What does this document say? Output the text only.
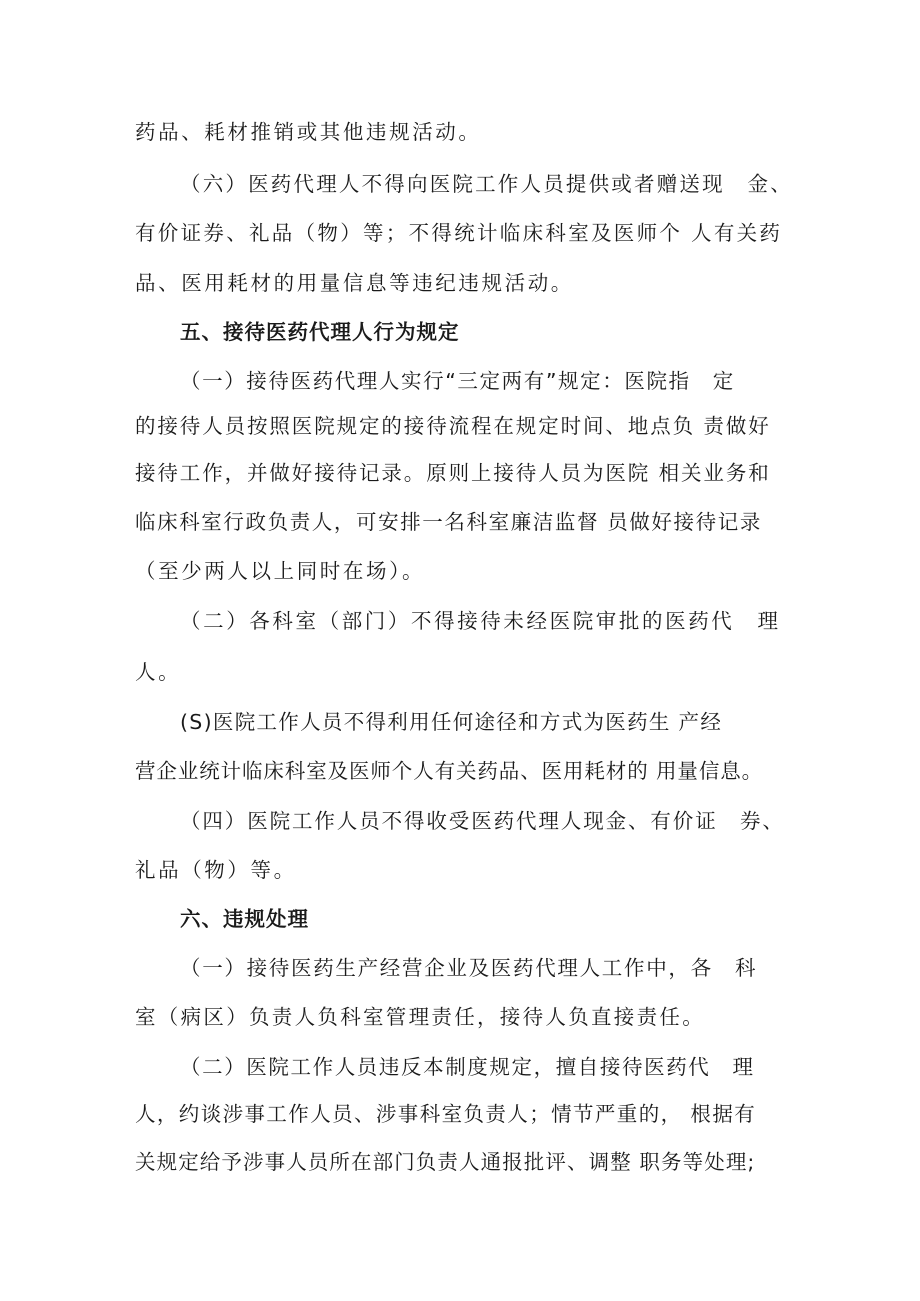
药品、耗材推销或其他违规活动。

（六）医药代理人不得向医院工作人员提供或者赠送现　金、

有价证券、礼品（物）等；不得统计临床科室及医师个 人有关药

品、医用耗材的用量信息等违纪违规活动。

五、接待医药代理人行为规定

（一）接待医药代理人实行“三定两有”规定：医院指　定

的接待人员按照医院规定的接待流程在规定时间、地点负 责做好

接待工作，并做好接待记录。原则上接待人员为医院 相关业务和

临床科室行政负责人，可安排一名科室廉洁监督 员做好接待记录

（至少两人以上同时在场）。

（二）各科室（部门）不得接待未经医院审批的医药代　理

人。

(S)医院工作人员不得利用任何途径和方式为医药生 产经

营企业统计临床科室及医师个人有关药品、医用耗材的 用量信息。

（四）医院工作人员不得收受医药代理人现金、有价证　券、

礼品（物）等。

六、违规处理

（一）接待医药生产经营企业及医药代理人工作中，各　科

室（病区）负责人负科室管理责任，接待人负直接责任。

（二）医院工作人员违反本制度规定，擅自接待医药代　理

人，约谈涉事工作人员、涉事科室负责人；情节严重的， 根据有

关规定给予涉事人员所在部门负责人通报批评、调整 职务等处理;
